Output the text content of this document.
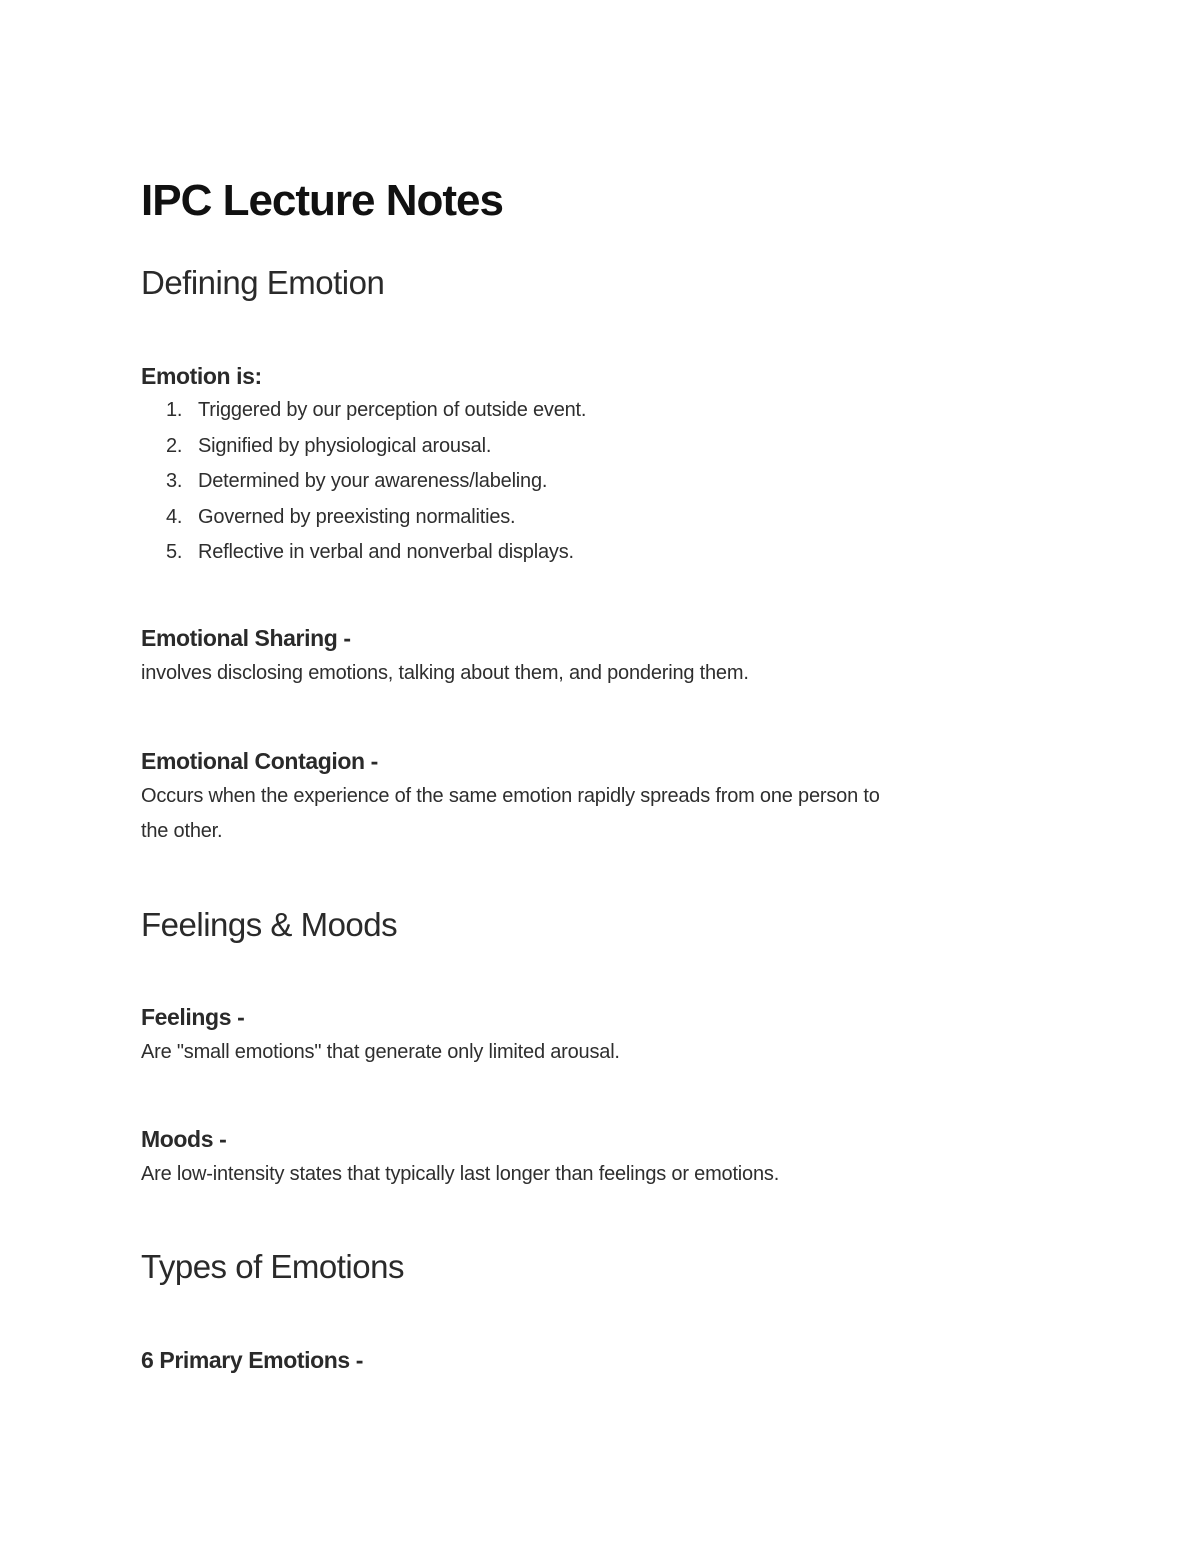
IPC Lecture Notes
Defining Emotion
Emotion is:
1. Triggered by our perception of outside event.
2. Signified by physiological arousal.
3. Determined by your awareness/labeling.
4. Governed by preexisting normalities.
5. Reflective in verbal and nonverbal displays.
Emotional Sharing -
involves disclosing emotions, talking about them, and pondering them.
Emotional Contagion -
Occurs when the experience of the same emotion rapidly spreads from one person to
the other.
Feelings & Moods
Feelings -
Are "small emotions" that generate only limited arousal.
Moods -
Are low-intensity states that typically last longer than feelings or emotions.
Types of Emotions
6 Primary Emotions -
